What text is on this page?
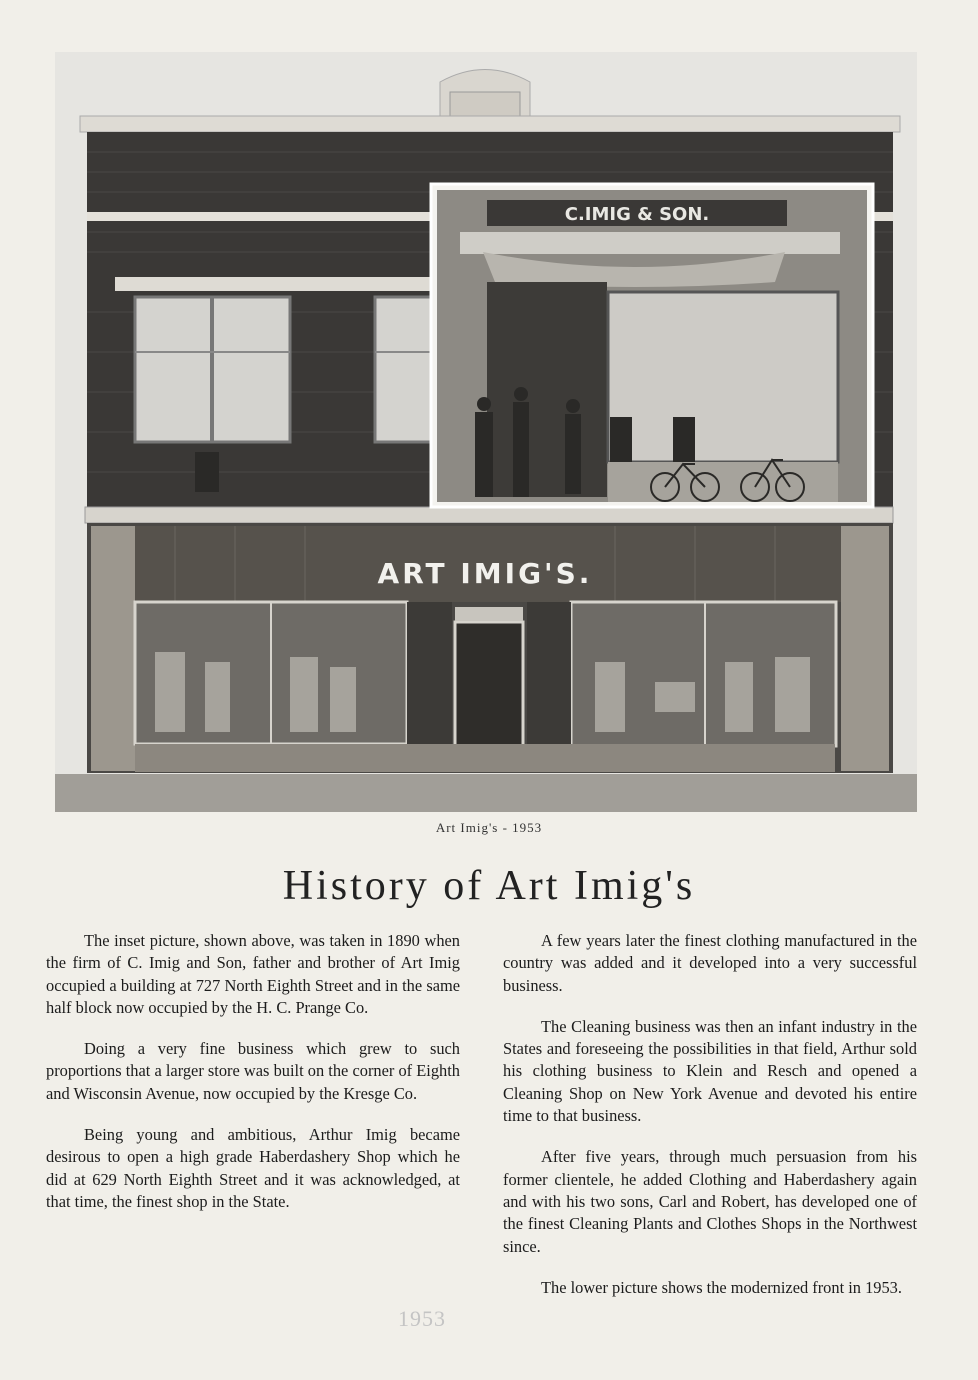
C.IMIG & SON.
ART IMIG'S.
Art Imig's - 1953
History of Art Imig's

The inset picture, shown above, was taken in 1890 when the firm of C. Imig and Son, father and brother of Art Imig occupied a building at 727 North Eighth Street and in the same half block now occupied by the H. C. Prange Co.

Doing a very fine business which grew to such proportions that a larger store was built on the corner of Eighth and Wisconsin Avenue, now occupied by the Kresge Co.

Being young and ambitious, Arthur Imig became desirous to open a high grade Haberdashery Shop which he did at 629 North Eighth Street and it was acknowledged, at that time, the finest shop in the State.

A few years later the finest clothing manufactured in the country was added and it developed into a very successful business.

The Cleaning business was then an infant industry in the States and foreseeing the possibilities in that field, Arthur sold his clothing business to Klein and Resch and opened a Cleaning Shop on New York Avenue and devoted his entire time to that business.

After five years, through much persuasion from his former clientele, he added Clothing and Haberdashery again and with his two sons, Carl and Robert, has developed one of the finest Cleaning Plants and Clothes Shops in the Northwest since.

The lower picture shows the modernized front in 1953.

1953
